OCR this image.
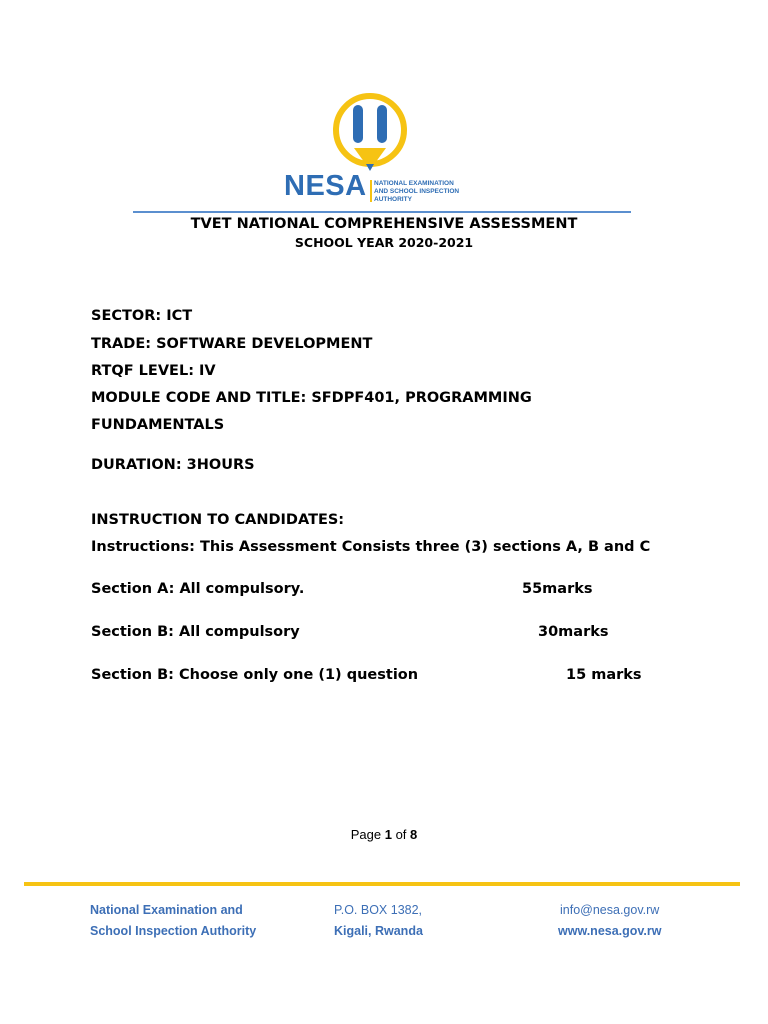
NESA NATIONAL EXAMINATION
AND SCHOOL INSPECTION
AUTHORITY
TVET NATIONAL COMPREHENSIVE ASSESSMENT
SCHOOL YEAR 2020-2021
SECTOR: ICT
TRADE: SOFTWARE DEVELOPMENT
RTQF LEVEL: IV
MODULE CODE AND TITLE: SFDPF401, PROGRAMMING
FUNDAMENTALS
DURATION: 3HOURS
INSTRUCTION TO CANDIDATES:
Instructions: This Assessment Consists three (3) sections A, B and C
Section A: All compulsory.	55marks
Section B: All compulsory	30marks
Section B: Choose only one (1) question	15 marks
Page 1 of 8
National Examination and
School Inspection Authority
P.O. BOX 1382,
Kigali, Rwanda
info@nesa.gov.rw
www.nesa.gov.rw
